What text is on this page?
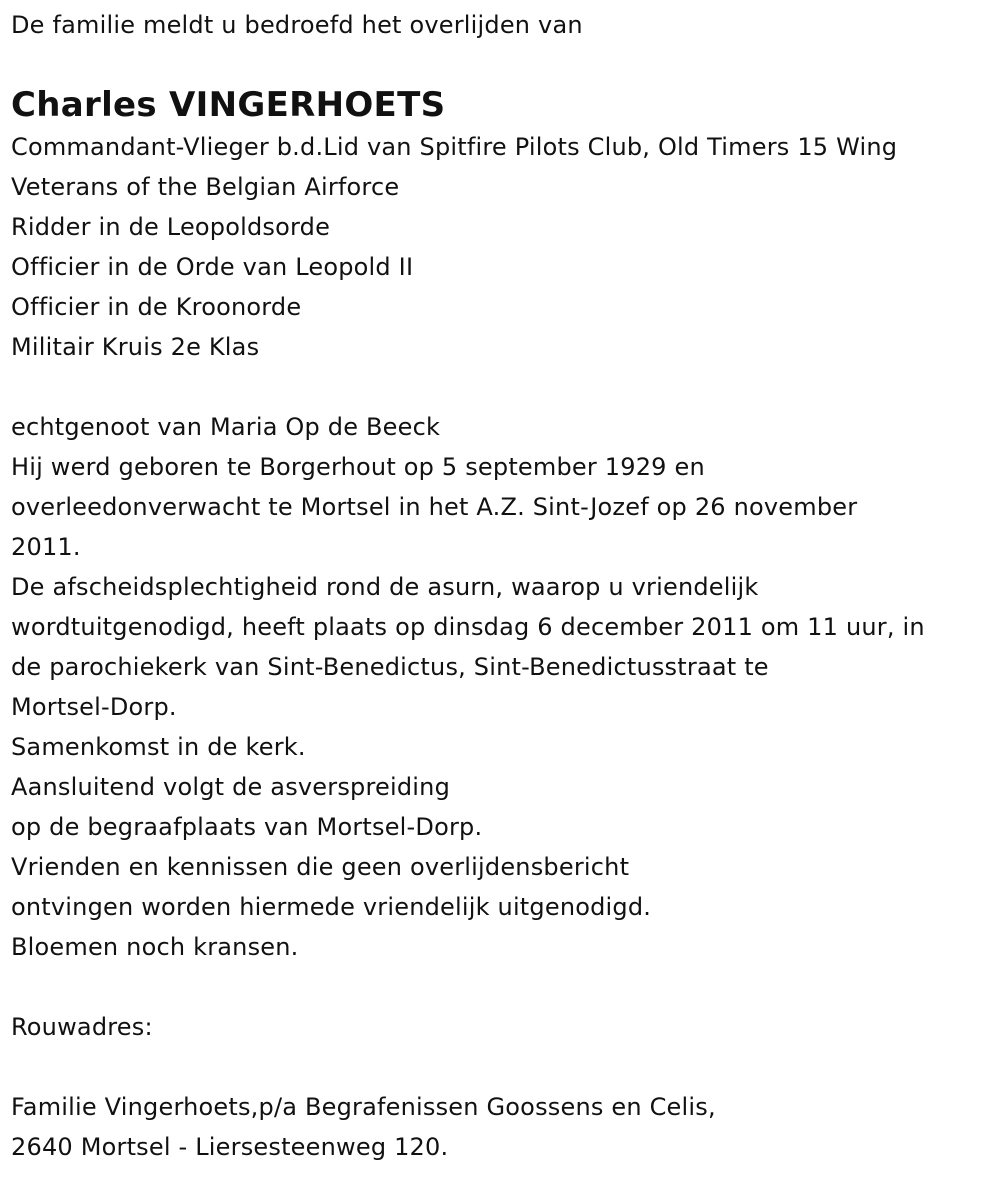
De familie meldt u bedroefd het overlijden van
Charles VINGERHOETS
Commandant-Vlieger b.d.Lid van Spitfire Pilots Club, Old Timers 15 Wing
Veterans of the Belgian Airforce
Ridder in de Leopoldsorde
Officier in de Orde van Leopold II
Officier in de Kroonorde
Militair Kruis 2e Klas
echtgenoot van Maria Op de Beeck
Hij werd geboren te Borgerhout op 5 september 1929 en
overleedonverwacht te Mortsel in het A.Z. Sint-Jozef op 26 november
2011.
De afscheidsplechtigheid rond de asurn, waarop u vriendelijk
wordtuitgenodigd, heeft plaats op dinsdag 6 december 2011 om 11 uur, in
de parochiekerk van Sint-Benedictus, Sint-Benedictusstraat te
Mortsel-Dorp.
Samenkomst in de kerk.
Aansluitend volgt de asverspreiding
op de begraafplaats van Mortsel-Dorp.
Vrienden en kennissen die geen overlijdensbericht
ontvingen worden hiermede vriendelijk uitgenodigd.
Bloemen noch kransen.
Rouwadres:
Familie Vingerhoets,p/a Begrafenissen Goossens en Celis,
2640 Mortsel - Liersesteenweg 120.
